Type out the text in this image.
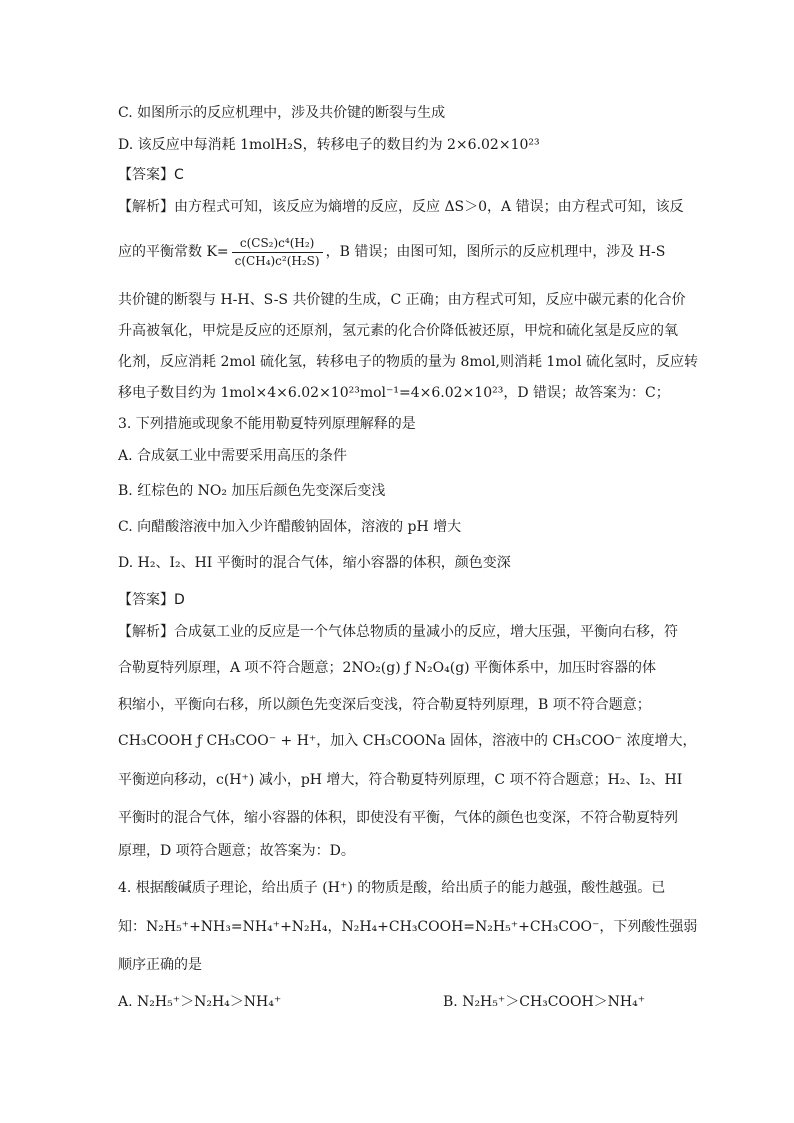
C. 如图所示的反应机理中，涉及共价键的断裂与生成
D. 该反应中每消耗 1molH₂S，转移电子的数目约为 2×6.02×10²³
【答案】C
【解析】由方程式可知，该反应为熵增的反应，反应 ΔS＞0，A 错误；由方程式可知，该反
应的平衡常数 $K= \frac{\text{c(CS₂)c⁴(H₂)}}{\text{c(CH₄)c²(H₂S)}}$ ，B 错误；由图可知，图所示的反应机理中，涉及 H-S
共价键的断裂与 H-H、S-S 共价键的生成，C 正确；由方程式可知，反应中碳元素的化合价
升高被氧化，甲烷是反应的还原剂，氢元素的化合价降低被还原，甲烷和硫化氢是反应的氧
化剂，反应消耗 2mol 硫化氢，转移电子的物质的量为 8mol,则消耗 1mol 硫化氢时，反应转
移电子数目约为 1mol×4×6.02×10²³mol⁻¹=4×6.02×10²³，D 错误；故答案为：C；
3. 下列措施或现象不能用勒夏特列原理解释的是
A. 合成氨工业中需要采用高压的条件
B. 红棕色的 NO₂ 加压后颜色先变深后变浅
C. 向醋酸溶液中加入少许醋酸钠固体，溶液的 pH 增大
D. H₂、I₂、HI 平衡时的混合气体，缩小容器的体积，颜色变深
【答案】D
【解析】合成氨工业的反应是一个气体总物质的量减小的反应，增大压强，平衡向右移，符
合勒夏特列原理，A 项不符合题意；2NO₂(g) ƒ N₂O₄(g) 平衡体系中，加压时容器的体
积缩小，平衡向右移，所以颜色先变深后变浅，符合勒夏特列原理，B 项不符合题意；
CH₃COOH ƒ CH₃COO⁻ + H⁺，加入 CH₃COONa 固体，溶液中的 CH₃COO⁻ 浓度增大，
平衡逆向移动，c(H⁺) 减小，pH 增大，符合勒夏特列原理，C 项不符合题意；H₂、I₂、HI
平衡时的混合气体，缩小容器的体积，即使没有平衡，气体的颜色也变深，不符合勒夏特列
原理，D 项符合题意；故答案为：D。
4. 根据酸碱质子理论，给出质子 (H⁺) 的物质是酸，给出质子的能力越强，酸性越强。已
知：N₂H₅⁺+NH₃=NH₄⁺+N₂H₄，N₂H₄+CH₃COOH=N₂H₅⁺+CH₃COO⁻，下列酸性强弱
顺序正确的是
A. N₂H₅⁺＞N₂H₄＞NH₄⁺	B. N₂H₅⁺＞CH₃COOH＞NH₄⁺
